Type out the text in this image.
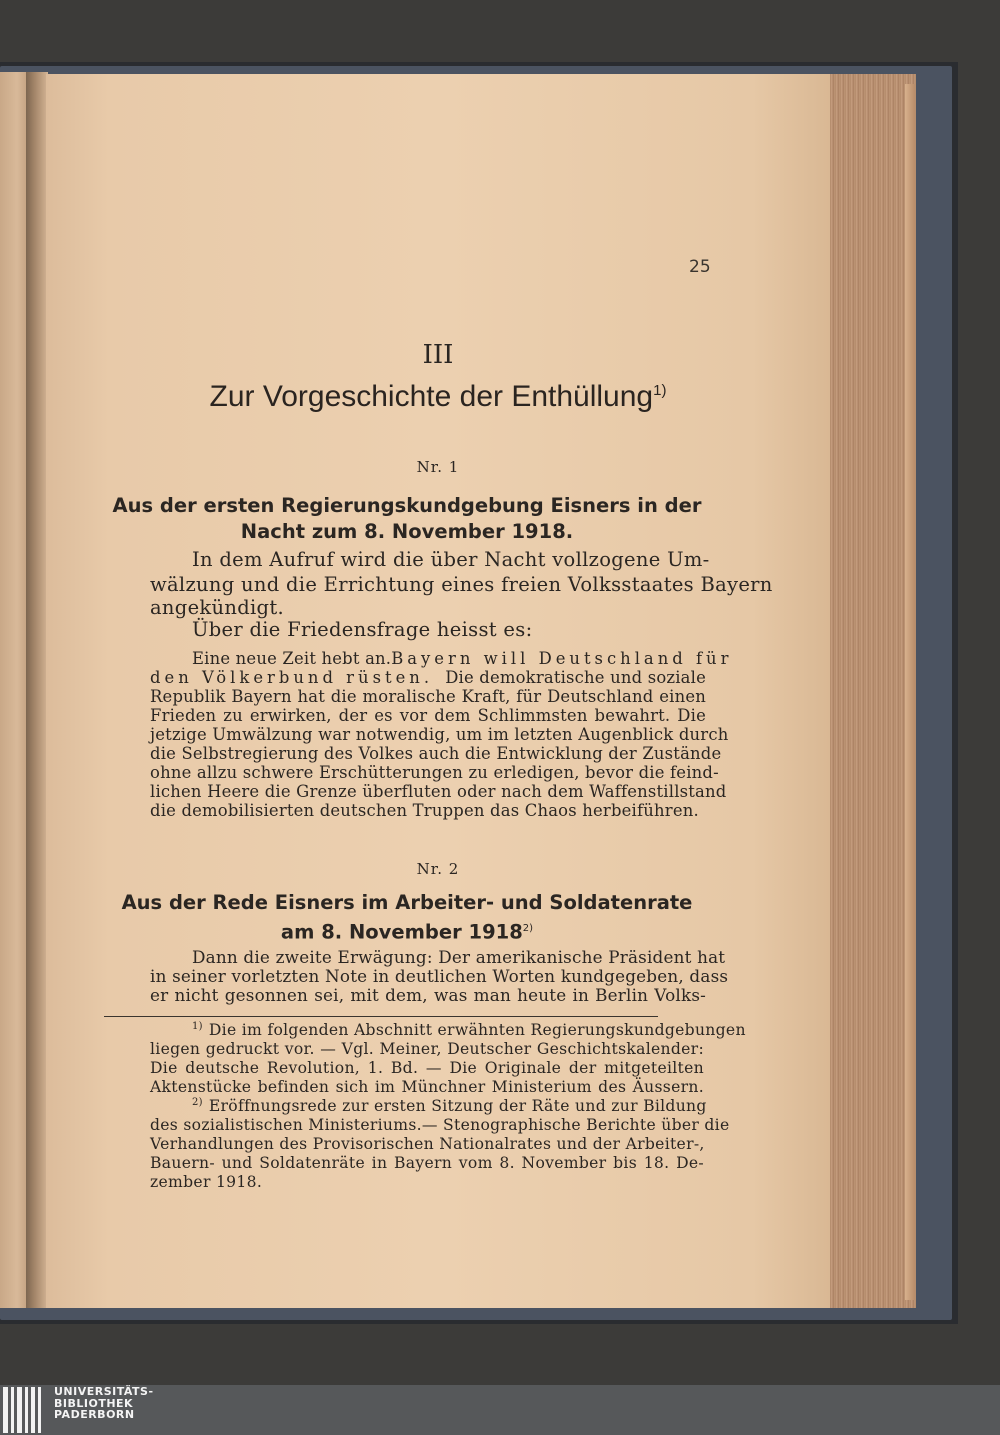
25
III
Zur Vorgeschichte der Enthüllung$^{1)}$
Nr. 1
Aus der ersten Regierungskundgebung Eisners in der
Nacht zum 8. November 1918.
In dem Aufruf wird die über Nacht vollzogene Um-
wälzung und die Errichtung eines freien Volksstaates Bayern
angekündigt.
Über die Friedensfrage heisst es:
Eine neue Zeit hebt an. Bayern will Deutschland für
den Völkerbund rüsten. Die demokratische und soziale
Republik Bayern hat die moralische Kraft, für Deutschland einen
Frieden zu erwirken, der es vor dem Schlimmsten bewahrt. Die
jetzige Umwälzung war notwendig, um im letzten Augenblick durch
die Selbstregierung des Volkes auch die Entwicklung der Zustände
ohne allzu schwere Erschütterungen zu erledigen, bevor die feind-
lichen Heere die Grenze überfluten oder nach dem Waffenstillstand
die demobilisierten deutschen Truppen das Chaos herbeiführen.
Nr. 2
Aus der Rede Eisners im Arbeiter- und Soldatenrate
am 8. November 1918$^{2)}$
Dann die zweite Erwägung: Der amerikanische Präsident hat
in seiner vorletzten Note in deutlichen Worten kundgegeben, dass
er nicht gesonnen sei, mit dem, was man heute in Berlin Volks-
1) Die im folgenden Abschnitt erwähnten Regierungskundgebungen
liegen gedruckt vor. — Vgl. Meiner, Deutscher Geschichtskalender:
Die deutsche Revolution, 1. Bd. — Die Originale der mitgeteilten
Aktenstücke befinden sich im Münchner Ministerium des Äussern.
2) Eröffnungsrede zur ersten Sitzung der Räte und zur Bildung
des sozialistischen Ministeriums.— Stenographische Berichte über die
Verhandlungen des Provisorischen Nationalrates und der Arbeiter-,
Bauern- und Soldatenräte in Bayern vom 8. November bis 18. De-
zember 1918.
UNIVERSITÄTS-
BIBLIOTHEK
PADERBORN
